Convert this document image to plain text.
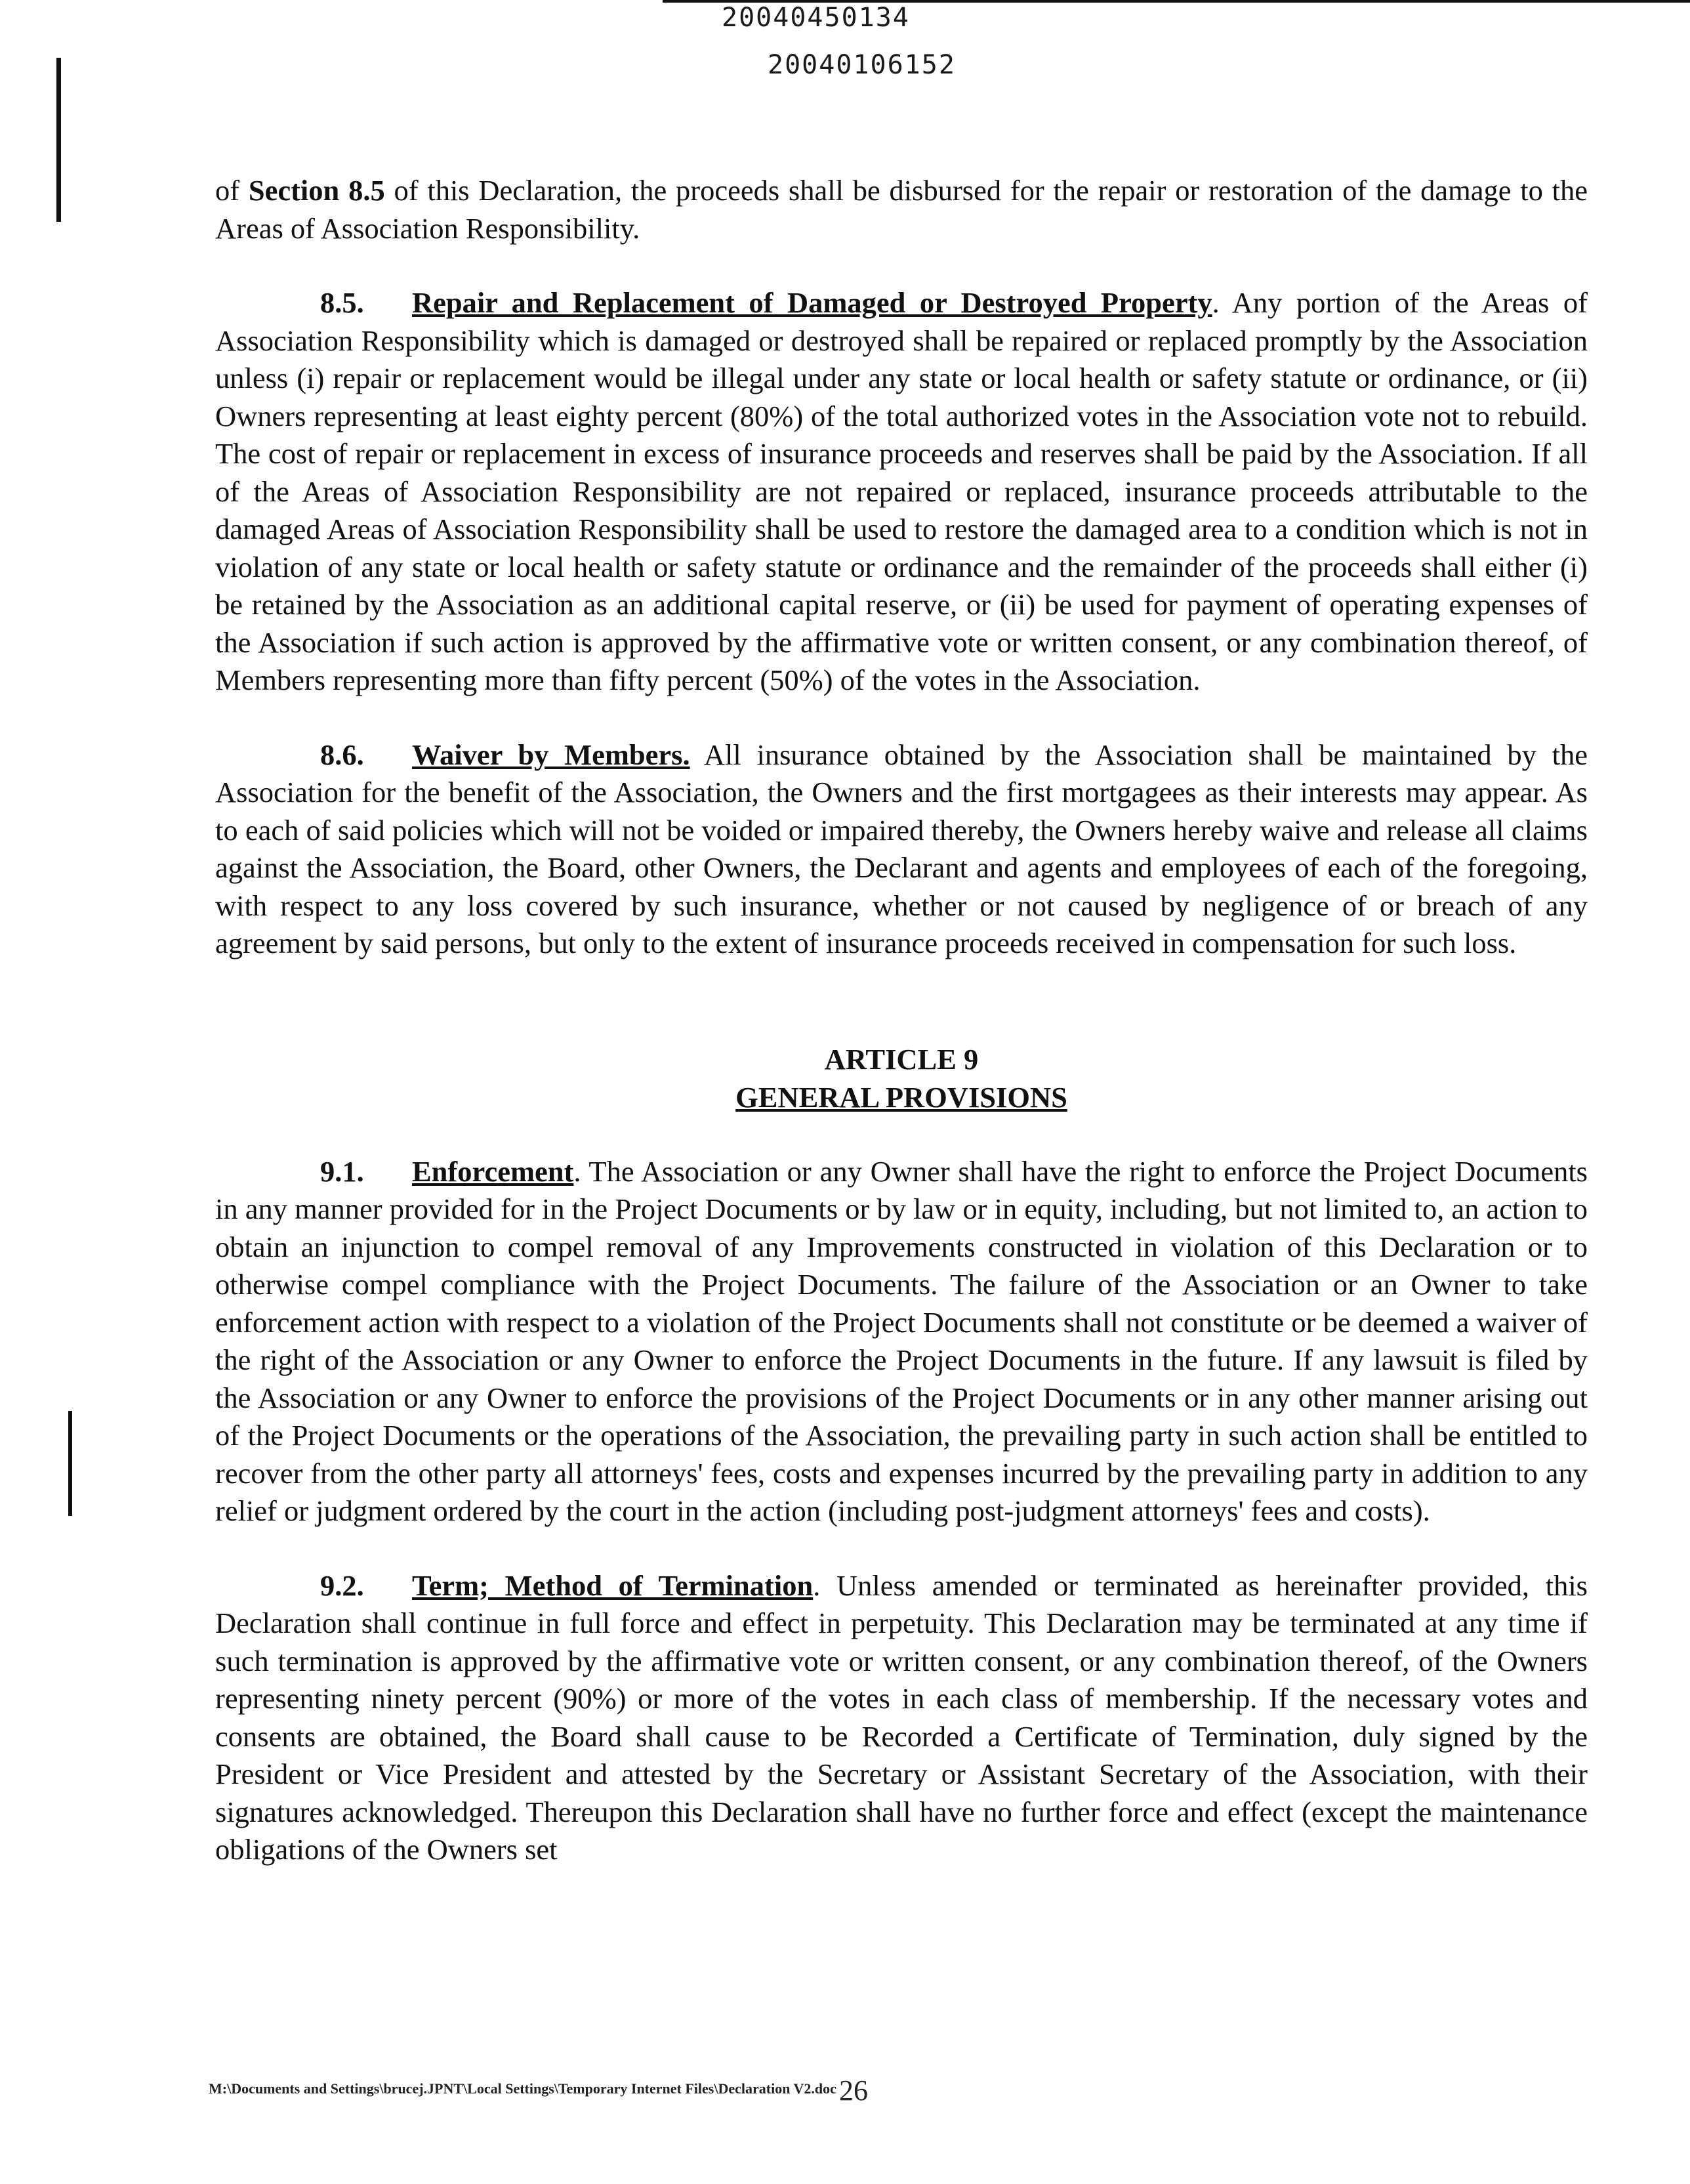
20040450134
20040106152

of Section 8.5 of this Declaration, the proceeds shall be disbursed for the repair or restoration of the damage to the Areas of Association Responsibility.

8.5. Repair and Replacement of Damaged or Destroyed Property. Any portion of the Areas of Association Responsibility which is damaged or destroyed shall be repaired or replaced promptly by the Association unless (i) repair or replacement would be illegal under any state or local health or safety statute or ordinance, or (ii) Owners representing at least eighty percent (80%) of the total authorized votes in the Association vote not to rebuild. The cost of repair or replacement in excess of insurance proceeds and reserves shall be paid by the Association. If all of the Areas of Association Responsibility are not repaired or replaced, insurance proceeds attributable to the damaged Areas of Association Responsibility shall be used to restore the damaged area to a condition which is not in violation of any state or local health or safety statute or ordinance and the remainder of the proceeds shall either (i) be retained by the Association as an additional capital reserve, or (ii) be used for payment of operating expenses of the Association if such action is approved by the affirmative vote or written consent, or any combination thereof, of Members representing more than fifty percent (50%) of the votes in the Association.

8.6. Waiver by Members. All insurance obtained by the Association shall be maintained by the Association for the benefit of the Association, the Owners and the first mortgagees as their interests may appear. As to each of said policies which will not be voided or impaired thereby, the Owners hereby waive and release all claims against the Association, the Board, other Owners, the Declarant and agents and employees of each of the foregoing, with respect to any loss covered by such insurance, whether or not caused by negligence of or breach of any agreement by said persons, but only to the extent of insurance proceeds received in compensation for such loss.

ARTICLE 9
GENERAL PROVISIONS

9.1. Enforcement. The Association or any Owner shall have the right to enforce the Project Documents in any manner provided for in the Project Documents or by law or in equity, including, but not limited to, an action to obtain an injunction to compel removal of any Improvements constructed in violation of this Declaration or to otherwise compel compliance with the Project Documents. The failure of the Association or an Owner to take enforcement action with respect to a violation of the Project Documents shall not constitute or be deemed a waiver of the right of the Association or any Owner to enforce the Project Documents in the future. If any lawsuit is filed by the Association or any Owner to enforce the provisions of the Project Documents or in any other manner arising out of the Project Documents or the operations of the Association, the prevailing party in such action shall be entitled to recover from the other party all attorneys' fees, costs and expenses incurred by the prevailing party in addition to any relief or judgment ordered by the court in the action (including post-judgment attorneys' fees and costs).

9.2. Term; Method of Termination. Unless amended or terminated as hereinafter provided, this Declaration shall continue in full force and effect in perpetuity. This Declaration may be terminated at any time if such termination is approved by the affirmative vote or written consent, or any combination thereof, of the Owners representing ninety percent (90%) or more of the votes in each class of membership. If the necessary votes and consents are obtained, the Board shall cause to be Recorded a Certificate of Termination, duly signed by the President or Vice President and attested by the Secretary or Assistant Secretary of the Association, with their signatures acknowledged. Thereupon this Declaration shall have no further force and effect (except the maintenance obligations of the Owners set

M:\Documents and Settings\brucej.JPNT\Local Settings\Temporary Internet Files\Declaration V2.doc26
